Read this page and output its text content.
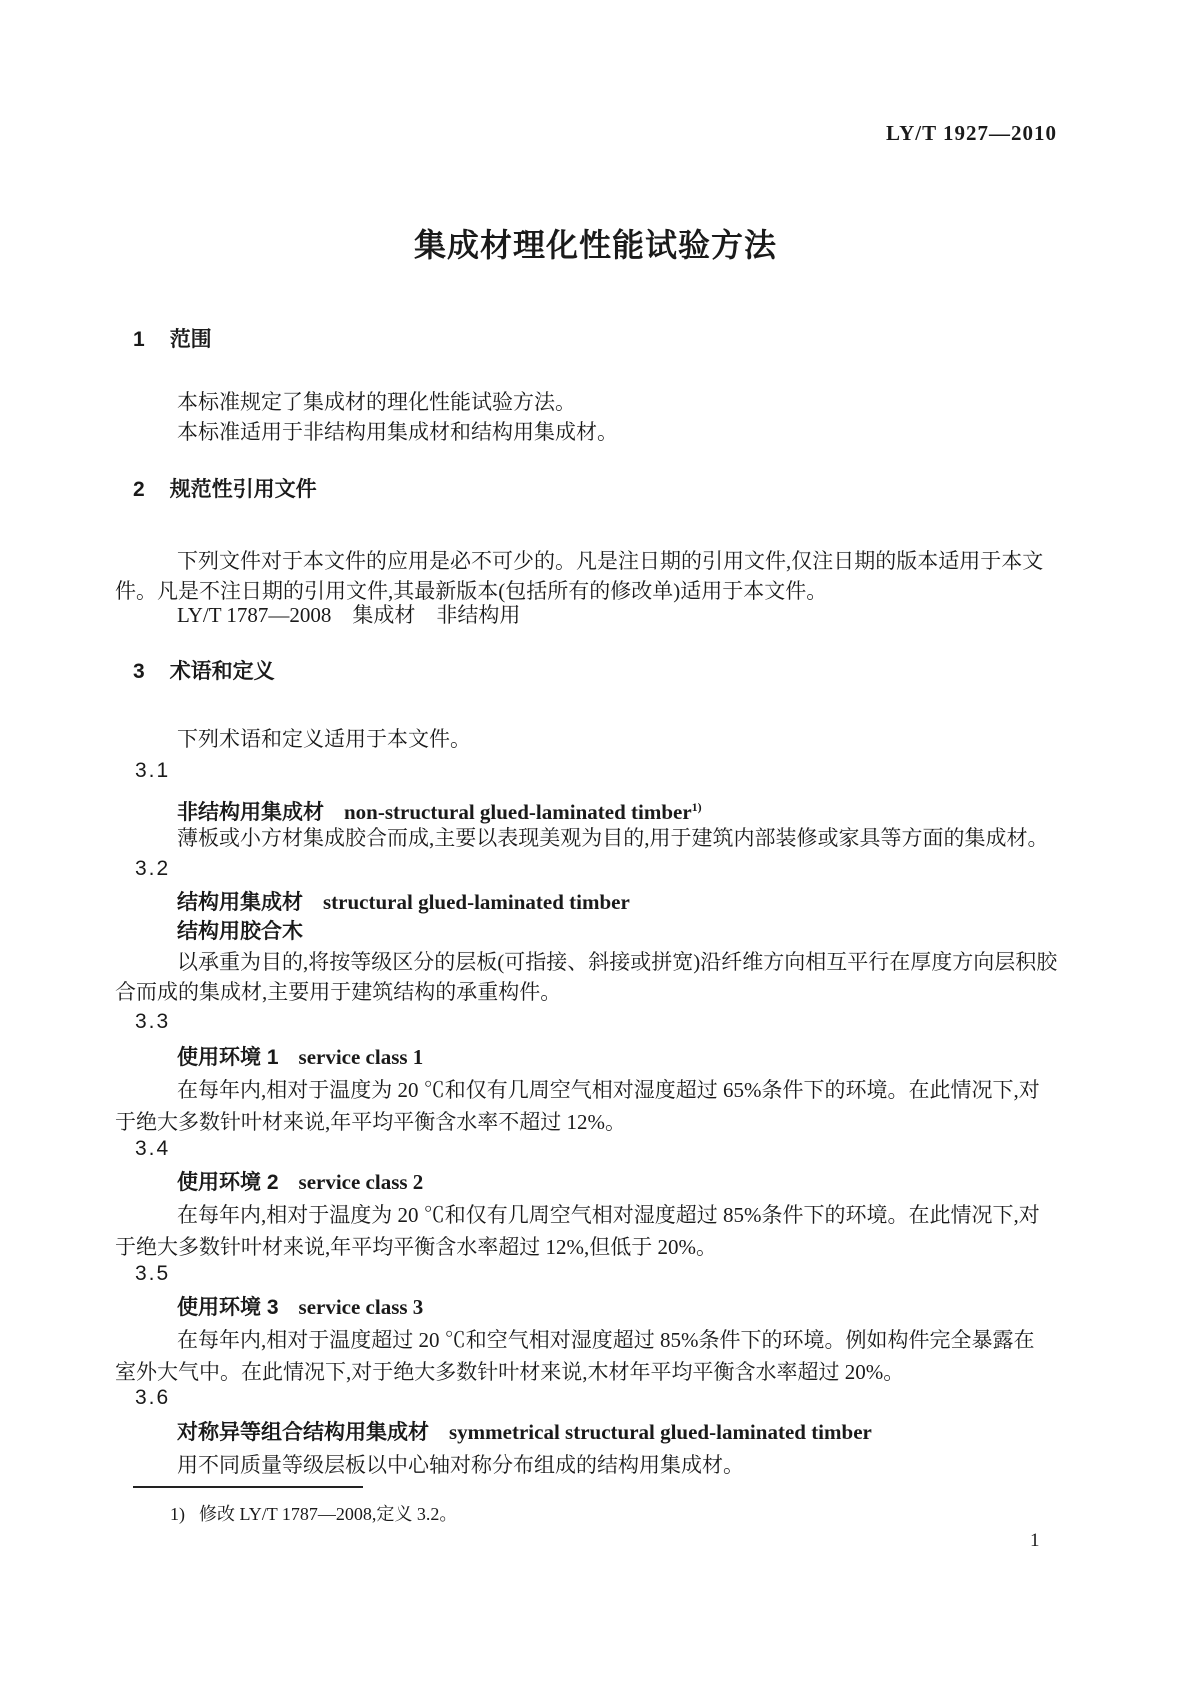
LY/T 1927—2010
集成材理化性能试验方法
1 范围
本标准规定了集成材的理化性能试验方法。
本标准适用于非结构用集成材和结构用集成材。
2 规范性引用文件
下列文件对于本文件的应用是必不可少的。凡是注日期的引用文件,仅注日期的版本适用于本文
件。凡是不注日期的引用文件,其最新版本(包括所有的修改单)适用于本文件。
LY/T 1787—2008　集成材　非结构用
3 术语和定义
下列术语和定义适用于本文件。
3.1
非结构用集成材 non-structural glued-laminated timber$^{1)}$
薄板或小方材集成胶合而成,主要以表现美观为目的,用于建筑内部装修或家具等方面的集成材。
3.2
结构用集成材 structural glued-laminated timber
结构用胶合木
以承重为目的,将按等级区分的层板(可指接、斜接或拼宽)沿纤维方向相互平行在厚度方向层积胶
合而成的集成材,主要用于建筑结构的承重构件。
3.3
使用环境 1 service class 1
在每年内,相对于温度为 20 ℃和仅有几周空气相对湿度超过 65%条件下的环境。在此情况下,对
于绝大多数针叶材来说,年平均平衡含水率不超过 12%。
3.4
使用环境 2 service class 2
在每年内,相对于温度为 20 ℃和仅有几周空气相对湿度超过 85%条件下的环境。在此情况下,对
于绝大多数针叶材来说,年平均平衡含水率超过 12%,但低于 20%。
3.5
使用环境 3 service class 3
在每年内,相对于温度超过 20 ℃和空气相对湿度超过 85%条件下的环境。例如构件完全暴露在
室外大气中。在此情况下,对于绝大多数针叶材来说,木材年平均平衡含水率超过 20%。
3.6
对称异等组合结构用集成材 symmetrical structural glued-laminated timber
用不同质量等级层板以中心轴对称分布组成的结构用集成材。
1) 修改 LY/T 1787—2008,定义 3.2。
1
